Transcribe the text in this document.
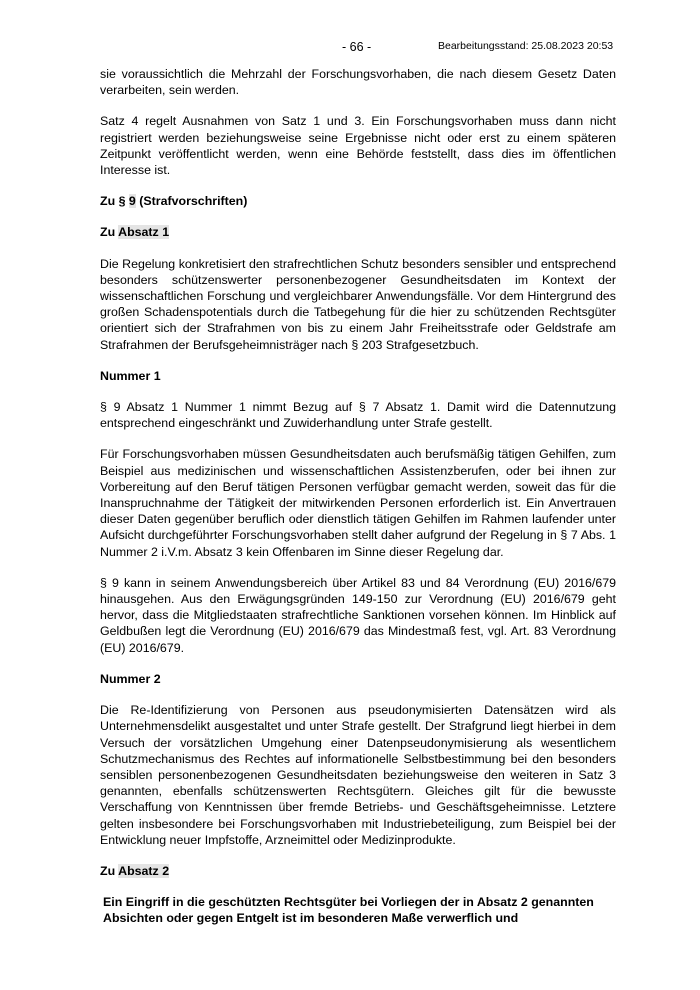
- 66 -	Bearbeitungsstand: 25.08.2023 20:53

sie voraussichtlich die Mehrzahl der Forschungsvorhaben, die nach diesem Gesetz Daten verarbeiten, sein werden.

Satz 4 regelt Ausnahmen von Satz 1 und 3. Ein Forschungsvorhaben muss dann nicht registriert werden beziehungsweise seine Ergebnisse nicht oder erst zu einem späteren Zeitpunkt veröffentlicht werden, wenn eine Behörde feststellt, dass dies im öffentlichen Interesse ist.

Zu § 9 (Strafvorschriften)
Zu Absatz 1

Die Regelung konkretisiert den strafrechtlichen Schutz besonders sensibler und entsprechend besonders schützenswerter personenbezogener Gesundheitsdaten im Kontext der wissenschaftlichen Forschung und vergleichbarer Anwendungsfälle. Vor dem Hintergrund des großen Schadenspotentials durch die Tatbegehung für die hier zu schützenden Rechtsgüter orientiert sich der Strafrahmen von bis zu einem Jahr Freiheitsstrafe oder Geldstrafe am Strafrahmen der Berufsgeheimnisträger nach § 203 Strafgesetzbuch.

Nummer 1

§ 9 Absatz 1 Nummer 1 nimmt Bezug auf § 7 Absatz 1. Damit wird die Datennutzung entsprechend eingeschränkt und Zuwiderhandlung unter Strafe gestellt.

Für Forschungsvorhaben müssen Gesundheitsdaten auch berufsmäßig tätigen Gehilfen, zum Beispiel aus medizinischen und wissenschaftlichen Assistenzberufen, oder bei ihnen zur Vorbereitung auf den Beruf tätigen Personen verfügbar gemacht werden, soweit das für die Inanspruchnahme der Tätigkeit der mitwirkenden Personen erforderlich ist. Ein Anvertrauen dieser Daten gegenüber beruflich oder dienstlich tätigen Gehilfen im Rahmen laufender unter Aufsicht durchgeführter Forschungsvorhaben stellt daher aufgrund der Regelung in § 7 Abs. 1 Nummer 2 i.V.m. Absatz 3 kein Offenbaren im Sinne dieser Regelung dar.

§ 9 kann in seinem Anwendungsbereich über Artikel 83 und 84 Verordnung (EU) 2016/679 hinausgehen. Aus den Erwägungsgründen 149-150 zur Verordnung (EU) 2016/679 geht hervor, dass die Mitgliedstaaten strafrechtliche Sanktionen vorsehen können. Im Hinblick auf Geldbußen legt die Verordnung (EU) 2016/679 das Mindestmaß fest, vgl. Art. 83 Verordnung (EU) 2016/679.

Nummer 2

Die Re-Identifizierung von Personen aus pseudonymisierten Datensätzen wird als Unternehmensdelikt ausgestaltet und unter Strafe gestellt. Der Strafgrund liegt hierbei in dem Versuch der vorsätzlichen Umgehung einer Datenpseudonymisierung als wesentlichem Schutzmechanismus des Rechtes auf informationelle Selbstbestimmung bei den besonders sensiblen personenbezogenen Gesundheitsdaten beziehungsweise den weiteren in Satz 3 genannten, ebenfalls schützenswerten Rechtsgütern. Gleiches gilt für die bewusste Verschaffung von Kenntnissen über fremde Betriebs- und Geschäftsgeheimnisse. Letztere gelten insbesondere bei Forschungsvorhaben mit Industriebeteiligung, zum Beispiel bei der Entwicklung neuer Impfstoffe, Arzneimittel oder Medizinprodukte.

Zu Absatz 2

Ein Eingriff in die geschützten Rechtsgüter bei Vorliegen der in Absatz 2 genannten Absichten oder gegen Entgelt ist im besonderen Maße verwerflich und
